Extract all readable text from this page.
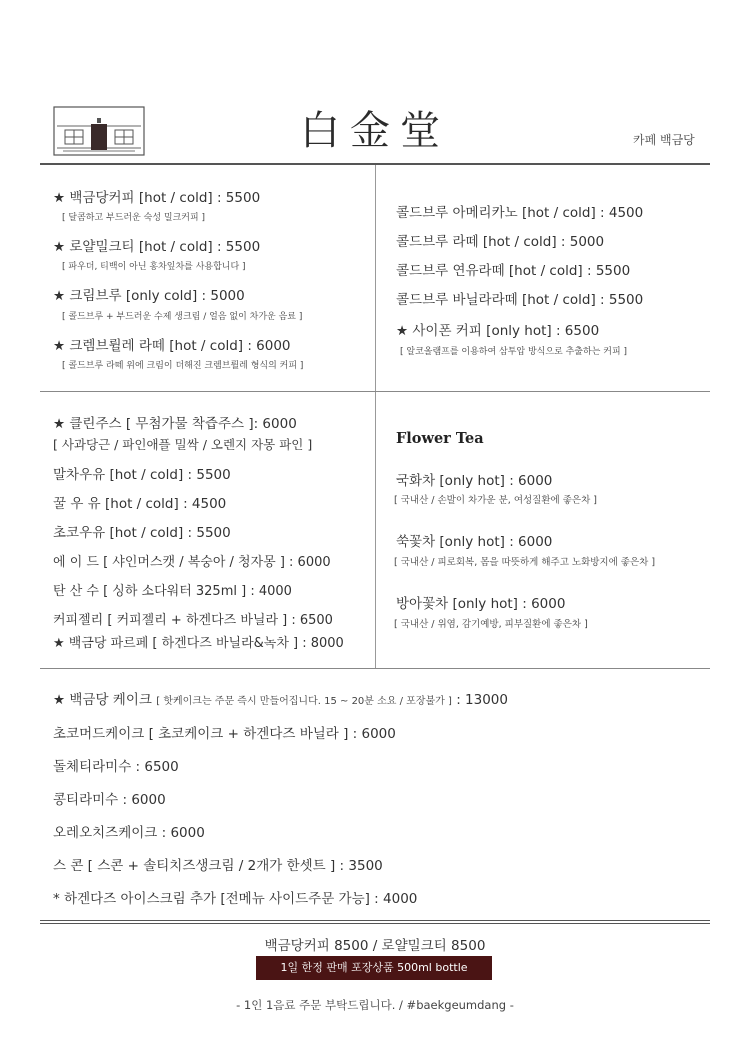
白金堂	카페 백금당
★ 백금당커피 [hot / cold] : 5500
[ 달콤하고 부드러운 숙성 밀크커피 ]
★ 로얄밀크티 [hot / cold] : 5500
[ 파우더, 티백이 아닌 홍차잎차를 사용합니다 ]
★ 크림브루 [only cold] : 5000
[ 콜드브루 + 부드러운 수제 생크림 / 얼음 없이 차가운 음료 ]
★ 크렘브륄레 라떼 [hot / cold] : 6000
[ 콜드브루 라떼 위에 크림이 더해진 크렘브륄레 형식의 커피 ]
콜드브루 아메리카노 [hot / cold] : 4500
콜드브루 라떼 [hot / cold] : 5000
콜드브루 연유라떼 [hot / cold] : 5500
콜드브루 바닐라라떼 [hot / cold] : 5500
★ 사이폰 커피 [only hot] : 6500
[ 알코올램프를 이용하여 삼투압 방식으로 추출하는 커피 ]
★ 클린주스 [ 무첨가물 착즙주스 ]: 6000
[ 사과당근 / 파인애플 밀싹 / 오렌지 자몽 파인 ]
말차우유 [hot / cold] : 5500
꿀 우 유 [hot / cold] : 4500
초코우유 [hot / cold] : 5500
에 이 드 [ 샤인머스캣 / 복숭아 / 청자몽 ] : 6000
탄 산 수 [ 싱하 소다워터 325ml ] : 4000
커피젤리 [ 커피젤리 + 하겐다즈 바닐라 ] : 6500
★ 백금당 파르페 [ 하겐다즈 바닐라&녹차 ] : 8000
Flower Tea
국화차 [only hot] : 6000
[ 국내산 / 손발이 차가운 분, 여성질환에 좋은차 ]
쑥꽃차 [only hot] : 6000
[ 국내산 / 피로회복, 몸을 따뜻하게 해주고 노화방지에 좋은차 ]
방아꽃차 [only hot] : 6000
[ 국내산 / 위염, 감기예방, 피부질환에 좋은차 ]
★ 백금당 케이크 [ 핫케이크는 주문 즉시 만들어집니다. 15 ~ 20분 소요 / 포장불가 ] : 13000
초코머드케이크 [ 초코케이크 + 하겐다즈 바닐라 ] : 6000
돌체티라미수 : 6500
콩티라미수 : 6000
오레오치즈케이크 : 6000
스 콘 [ 스콘 + 솔티치즈생크림 / 2개가 한셋트 ] : 3500
* 하겐다즈 아이스크림 추가 [전메뉴 사이드주문 가능] : 4000
백금당커피 8500 / 로얄밀크티 8500
1일 한정 판매 포장상품 500ml bottle
- 1인 1음료 주문 부탁드립니다. / #baekgeumdang -
